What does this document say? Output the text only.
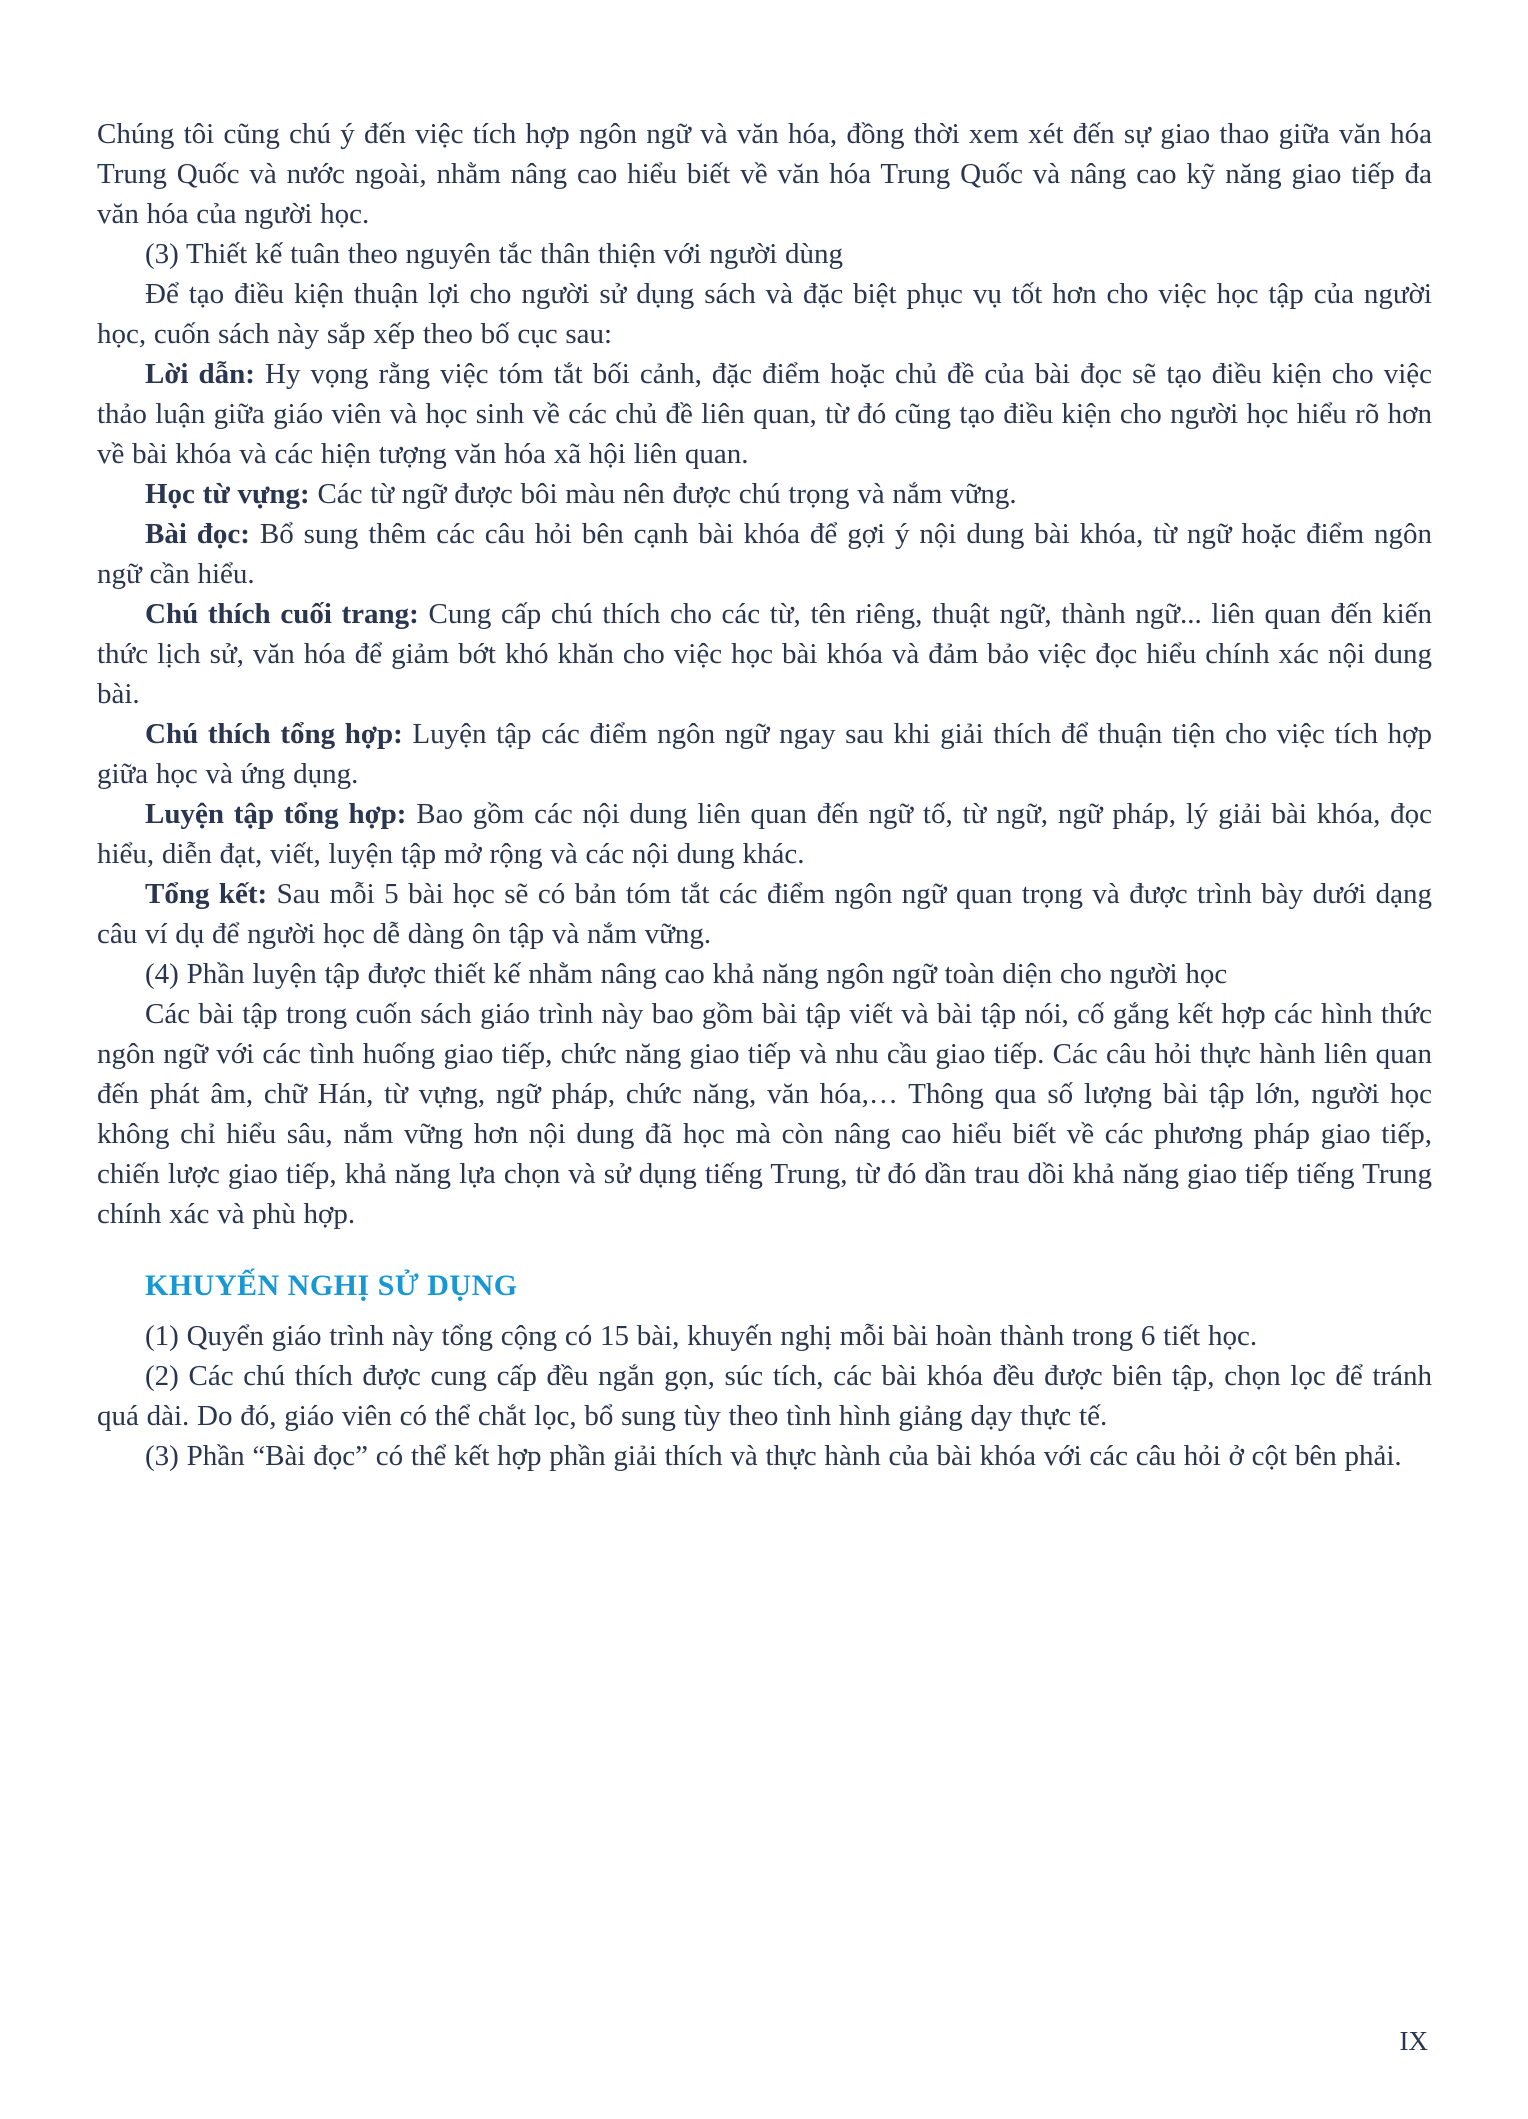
Chúng tôi cũng chú ý đến việc tích hợp ngôn ngữ và văn hóa, đồng thời xem xét đến sự giao thao giữa văn hóa Trung Quốc và nước ngoài, nhằm nâng cao hiểu biết về văn hóa Trung Quốc và nâng cao kỹ năng giao tiếp đa văn hóa của người học.

(3) Thiết kế tuân theo nguyên tắc thân thiện với người dùng

Để tạo điều kiện thuận lợi cho người sử dụng sách và đặc biệt phục vụ tốt hơn cho việc học tập của người học, cuốn sách này sắp xếp theo bố cục sau:

Lời dẫn: Hy vọng rằng việc tóm tắt bối cảnh, đặc điểm hoặc chủ đề của bài đọc sẽ tạo điều kiện cho việc thảo luận giữa giáo viên và học sinh về các chủ đề liên quan, từ đó cũng tạo điều kiện cho người học hiểu rõ hơn về bài khóa và các hiện tượng văn hóa xã hội liên quan.

Học từ vựng: Các từ ngữ được bôi màu nên được chú trọng và nắm vững.

Bài đọc: Bổ sung thêm các câu hỏi bên cạnh bài khóa để gợi ý nội dung bài khóa, từ ngữ hoặc điểm ngôn ngữ cần hiểu.

Chú thích cuối trang: Cung cấp chú thích cho các từ, tên riêng, thuật ngữ, thành ngữ... liên quan đến kiến thức lịch sử, văn hóa để giảm bớt khó khăn cho việc học bài khóa và đảm bảo việc đọc hiểu chính xác nội dung bài.

Chú thích tổng hợp: Luyện tập các điểm ngôn ngữ ngay sau khi giải thích để thuận tiện cho việc tích hợp giữa học và ứng dụng.

Luyện tập tổng hợp: Bao gồm các nội dung liên quan đến ngữ tố, từ ngữ, ngữ pháp, lý giải bài khóa, đọc hiểu, diễn đạt, viết, luyện tập mở rộng và các nội dung khác.

Tổng kết: Sau mỗi 5 bài học sẽ có bản tóm tắt các điểm ngôn ngữ quan trọng và được trình bày dưới dạng câu ví dụ để người học dễ dàng ôn tập và nắm vững.

(4) Phần luyện tập được thiết kế nhằm nâng cao khả năng ngôn ngữ toàn diện cho người học

Các bài tập trong cuốn sách giáo trình này bao gồm bài tập viết và bài tập nói, cố gắng kết hợp các hình thức ngôn ngữ với các tình huống giao tiếp, chức năng giao tiếp và nhu cầu giao tiếp. Các câu hỏi thực hành liên quan đến phát âm, chữ Hán, từ vựng, ngữ pháp, chức năng, văn hóa,… Thông qua số lượng bài tập lớn, người học không chỉ hiểu sâu, nắm vững hơn nội dung đã học mà còn nâng cao hiểu biết về các phương pháp giao tiếp, chiến lược giao tiếp, khả năng lựa chọn và sử dụng tiếng Trung, từ đó dần trau dồi khả năng giao tiếp tiếng Trung chính xác và phù hợp.

KHUYẾN NGHỊ SỬ DỤNG

(1) Quyển giáo trình này tổng cộng có 15 bài, khuyến nghị mỗi bài hoàn thành trong 6 tiết học.

(2) Các chú thích được cung cấp đều ngắn gọn, súc tích, các bài khóa đều được biên tập, chọn lọc để tránh quá dài. Do đó, giáo viên có thể chắt lọc, bổ sung tùy theo tình hình giảng dạy thực tế.

(3) Phần “Bài đọc” có thể kết hợp phần giải thích và thực hành của bài khóa với các câu hỏi ở cột bên phải.

IX
